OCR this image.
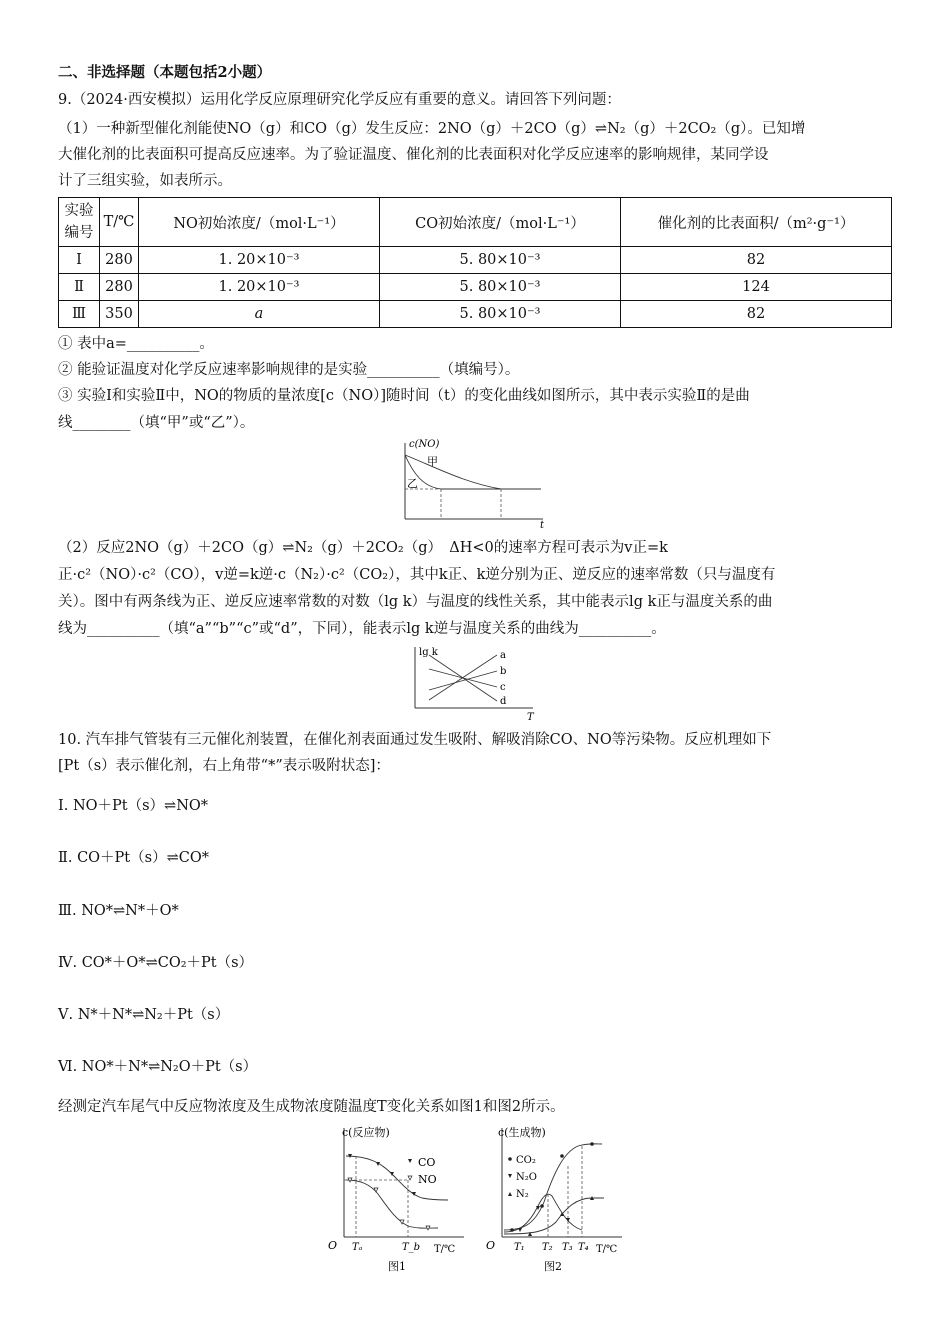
二、非选择题（本题包括2小题）
9.（2024·西安模拟）运用化学反应原理研究化学反应有重要的意义。请回答下列问题：
（1）一种新型催化剂能使NO（g）和CO（g）发生反应：2NO（g）＋2CO（g）⇌N₂（g）＋2CO₂（g）。已知增
大催化剂的比表面积可提高反应速率。为了验证温度、催化剂的比表面积对化学反应速率的影响规律，某同学设
计了三组实验，如表所示。
实验
编号	T/℃	NO初始浓度/（mol·L⁻¹）	CO初始浓度/（mol·L⁻¹）	催化剂的比表面积/（m²·g⁻¹）
Ⅰ	280	1. 20×10⁻³	5. 80×10⁻³	82
Ⅱ	280	1. 20×10⁻³	5. 80×10⁻³	124
Ⅲ	350	a	5. 80×10⁻³	82
① 表中a=__________。
② 能验证温度对化学反应速率影响规律的是实验__________（填编号）。
③ 实验Ⅰ和实验Ⅱ中，NO的物质的量浓度[c（NO）]随时间（t）的变化曲线如图所示，其中表示实验Ⅱ的是曲
线________（填“甲”或“乙”）。
c(NO)
t
甲
乙
（2）反应2NO（g）＋2CO（g）⇌N₂（g）＋2CO₂（g）　ΔH<0的速率方程可表示为v正=k
正·c²（NO）·c²（CO），v逆=k逆·c（N₂）·c²（CO₂），其中k正、k逆分别为正、逆反应的速率常数（只与温度有
关）。图中有两条线为正、逆反应速率常数的对数（lg k）与温度的线性关系，其中能表示lg k正与温度关系的曲
线为__________（填“a”“b”“c”或“d”，下同），能表示lg k逆与温度关系的曲线为__________。
lg k
T
a
b
c
d
10. 汽车排气管装有三元催化剂装置，在催化剂表面通过发生吸附、解吸消除CO、NO等污染物。反应机理如下
[Pt（s）表示催化剂，右上角带“*”表示吸附状态]：
Ⅰ. NO＋Pt（s）⇌NO*
Ⅱ. CO＋Pt（s）⇌CO*
Ⅲ. NO*⇌N*＋O*
Ⅳ. CO*＋O*⇌CO₂＋Pt（s）
Ⅴ. N*＋N*⇌N₂＋Pt（s）
Ⅵ. NO*＋N*⇌N₂O＋Pt（s）
经测定汽车尾气中反应物浓度及生成物浓度随温度T变化关系如图1和图2所示。
c(反应物)
O	T/℃
CO
NO
Tₐ	T_b
图1
c(生成物)
O	T/℃
CO₂
N₂O
N₂
T₁ T₂ T₃ T₄
图2
